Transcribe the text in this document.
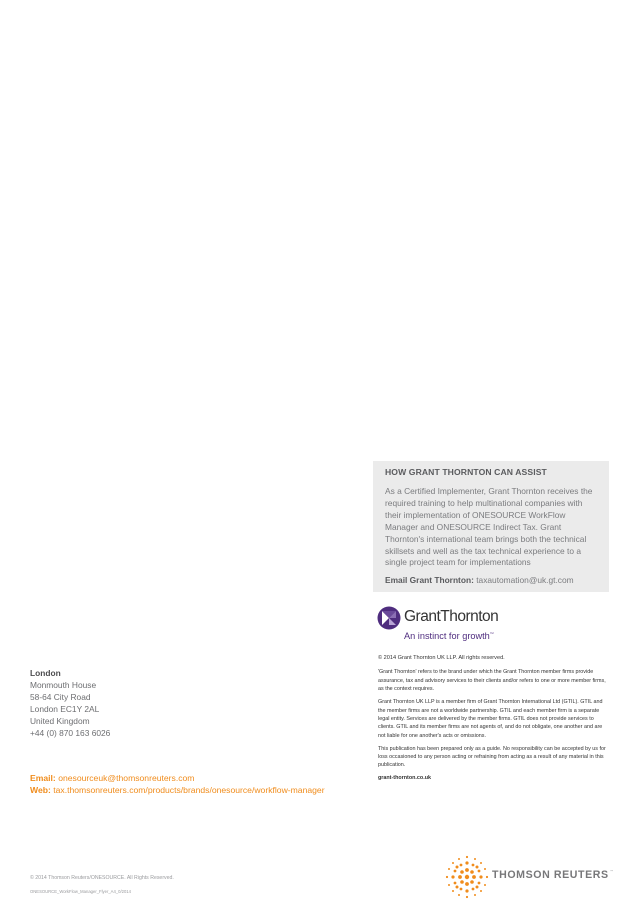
HOW GRANT THORNTON CAN ASSIST

As a Certified Implementer, Grant Thornton receives the required training to help multinational companies with their implementation of ONESOURCE WorkFlow Manager and ONESOURCE Indirect Tax. Grant Thornton's international team brings both the technical skillsets and well as the tax technical experience to a single project team for implementations

Email Grant Thornton: taxautomation@uk.gt.com
GrantThornton
An instinct for growth™

© 2014 Grant Thornton UK LLP. All rights reserved.

'Grant Thornton' refers to the brand under which the Grant Thornton member firms provide assurance, tax and advisory services to their clients and/or refers to one or more member firms, as the context requires.

Grant Thornton UK LLP is a member firm of Grant Thornton International Ltd (GTIL). GTIL and the member firms are not a worldwide partnership. GTIL and each member firm is a separate legal entity. Services are delivered by the member firms. GTIL does not provide services to clients. GTIL and its member firms are not agents of, and do not obligate, one another and are not liable for one another's acts or omissions.

This publication has been prepared only as a guide. No responsibility can be accepted by us for loss occasioned to any person acting or refraining from acting as a result of any material in this publication.

grant-thornton.co.uk

London
Monmouth House
58-64 City Road
London EC1Y 2AL
United Kingdom
+44 (0) 870 163 6026
Email: onesourceuk@thomsonreuters.com
Web: tax.thomsonreuters.com/products/brands/onesource/workflow-manager
© 2014 Thomson Reuters/ONESOURCE. All Rights Reserved.
ONESOURCE_WorkFlow_Manager_Flyer_A4_0/2014
THOMSON REUTERS ™
